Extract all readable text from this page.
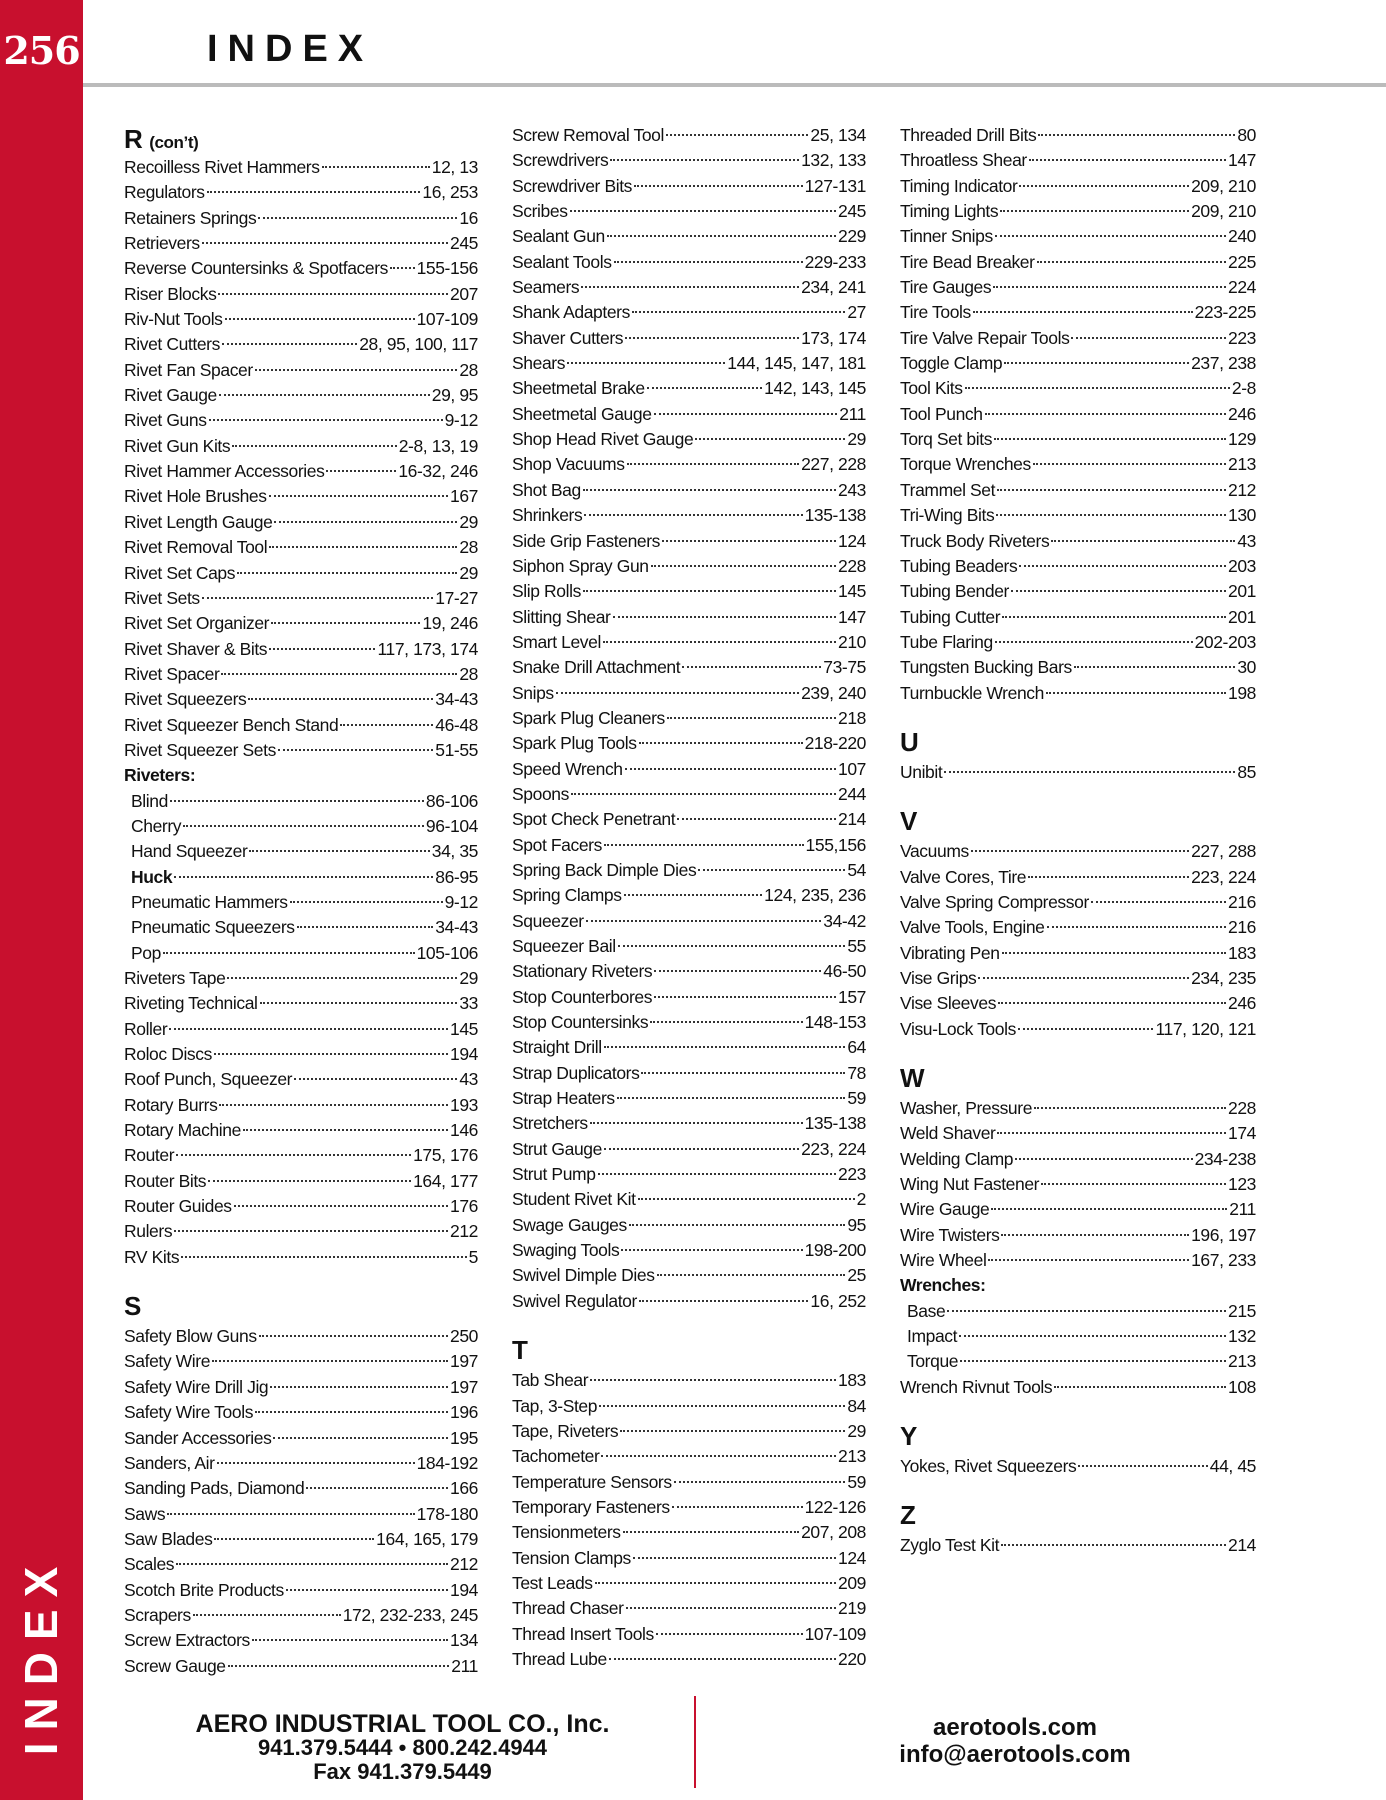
256
INDEX
INDEX
R (con’t)
Recoilless Rivet Hammers	12, 13
Regulators	16, 253
Retainers Springs	16
Retrievers	245
Reverse Countersinks & Spotfacers 155-156
Riser Blocks	207
Riv-Nut Tools	107-109
Rivet Cutters	28, 95, 100, 117
Rivet Fan Spacer	28
Rivet Gauge	29, 95
Rivet Guns	9-12
Rivet Gun Kits	2-8, 13, 19
Rivet Hammer Accessories	16-32, 246
Rivet Hole Brushes	167
Rivet Length Gauge	29
Rivet Removal Tool	28
Rivet Set Caps	29
Rivet Sets	17-27
Rivet Set Organizer	19, 246
Rivet Shaver & Bits	117, 173, 174
Rivet Spacer	28
Rivet Squeezers	34-43
Rivet Squeezer Bench Stand	46-48
Rivet Squeezer Sets	51-55
Riveters:
Blind	86-106
Cherry	96-104
Hand Squeezer	34, 35
Huck	86-95
Pneumatic Hammers	9-12
Pneumatic Squeezers	34-43
Pop	105-106
Riveters Tape	29
Riveting Technical	33
Roller	145
Roloc Discs	194
Roof Punch, Squeezer	43
Rotary Burrs	193
Rotary Machine	146
Router	175, 176
Router Bits	164, 177
Router Guides	176
Rulers	212
RV Kits	5
S
Safety Blow Guns	250
Safety Wire	197
Safety Wire Drill Jig	197
Safety Wire Tools	196
Sander Accessories	195
Sanders, Air	184-192
Sanding Pads, Diamond	166
Saws	178-180
Saw Blades	164, 165, 179
Scales	212
Scotch Brite Products	194
Scrapers	172, 232-233, 245
Screw Extractors	134
Screw Gauge	211
Screw Removal Tool	25, 134
Screwdrivers	132, 133
Screwdriver Bits	127-131
Scribes	245
Sealant Gun	229
Sealant Tools	229-233
Seamers	234, 241
Shank Adapters	27
Shaver Cutters	173, 174
Shears	144, 145, 147, 181
Sheetmetal Brake	142, 143, 145
Sheetmetal Gauge	211
Shop Head Rivet Gauge	29
Shop Vacuums	227, 228
Shot Bag	243
Shrinkers	135-138
Side Grip Fasteners	124
Siphon Spray Gun	228
Slip Rolls	145
Slitting Shear	147
Smart Level	210
Snake Drill Attachment	73-75
Snips	239, 240
Spark Plug Cleaners	218
Spark Plug Tools	218-220
Speed Wrench	107
Spoons	244
Spot Check Penetrant	214
Spot Facers	155,156
Spring Back Dimple Dies	54
Spring Clamps	124, 235, 236
Squeezer	34-42
Squeezer Bail	55
Stationary Riveters	46-50
Stop Counterbores	157
Stop Countersinks	148-153
Straight Drill	64
Strap Duplicators	78
Strap Heaters	59
Stretchers	135-138
Strut Gauge	223, 224
Strut Pump	223
Student Rivet Kit	2
Swage Gauges	95
Swaging Tools	198-200
Swivel Dimple Dies	25
Swivel Regulator	16, 252
T
Tab Shear	183
Tap, 3-Step	84
Tape, Riveters	29
Tachometer	213
Temperature Sensors	59
Temporary Fasteners	122-126
Tensionmeters	207, 208
Tension Clamps	124
Test Leads	209
Thread Chaser	219
Thread Insert Tools	107-109
Thread Lube	220
Threaded Drill Bits	80
Throatless Shear	147
Timing Indicator	209, 210
Timing Lights	209, 210
Tinner Snips	240
Tire Bead Breaker	225
Tire Gauges	224
Tire Tools	223-225
Tire Valve Repair Tools	223
Toggle Clamp	237, 238
Tool Kits	2-8
Tool Punch	246
Torq Set bits	129
Torque Wrenches	213
Trammel Set	212
Tri-Wing Bits	130
Truck Body Riveters	43
Tubing Beaders	203
Tubing Bender	201
Tubing Cutter	201
Tube Flaring	202-203
Tungsten Bucking Bars	30
Turnbuckle Wrench	198
U
Unibit	85
V
Vacuums	227, 288
Valve Cores, Tire	223, 224
Valve Spring Compressor	216
Valve Tools, Engine	216
Vibrating Pen	183
Vise Grips	234, 235
Vise Sleeves	246
Visu-Lock Tools	117, 120, 121
W
Washer, Pressure	228
Weld Shaver	174
Welding Clamp	234-238
Wing Nut Fastener	123
Wire Gauge	211
Wire Twisters	196, 197
Wire Wheel	167, 233
Wrenches:
Base	215
Impact	132
Torque	213
Wrench Rivnut Tools	108
Y
Yokes, Rivet Squeezers	44, 45
Z
Zyglo Test Kit	214
AERO INDUSTRIAL TOOL CO., Inc.
941.379.5444 • 800.242.4944
Fax 941.379.5449
aerotools.com
info@aerotools.com
